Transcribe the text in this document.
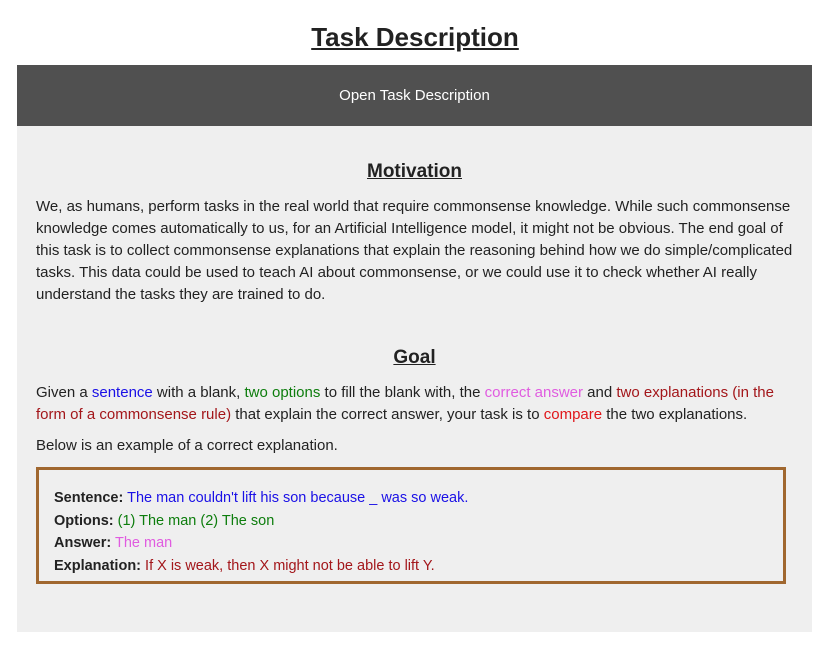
Task Description
Open Task Description
Motivation

We, as humans, perform tasks in the real world that require commonsense knowledge. While such commonsense knowledge comes automatically to us, for an Artificial Intelligence model, it might not be obvious. The end goal of this task is to collect commonsense explanations that explain the reasoning behind how we do simple/complicated tasks. This data could be used to teach AI about commonsense, or we could use it to check whether AI really understand the tasks they are trained to do.

Goal

Given a sentence with a blank, two options to fill the blank with, the correct answer and two explanations (in the form of a commonsense rule) that explain the correct answer, your task is to compare the two explanations.

Below is an example of a correct explanation.

Sentence: The man couldn't lift his son because _ was so weak.
Options: (1) The man (2) The son
Answer: The man
Explanation: If X is weak, then X might not be able to lift Y.
